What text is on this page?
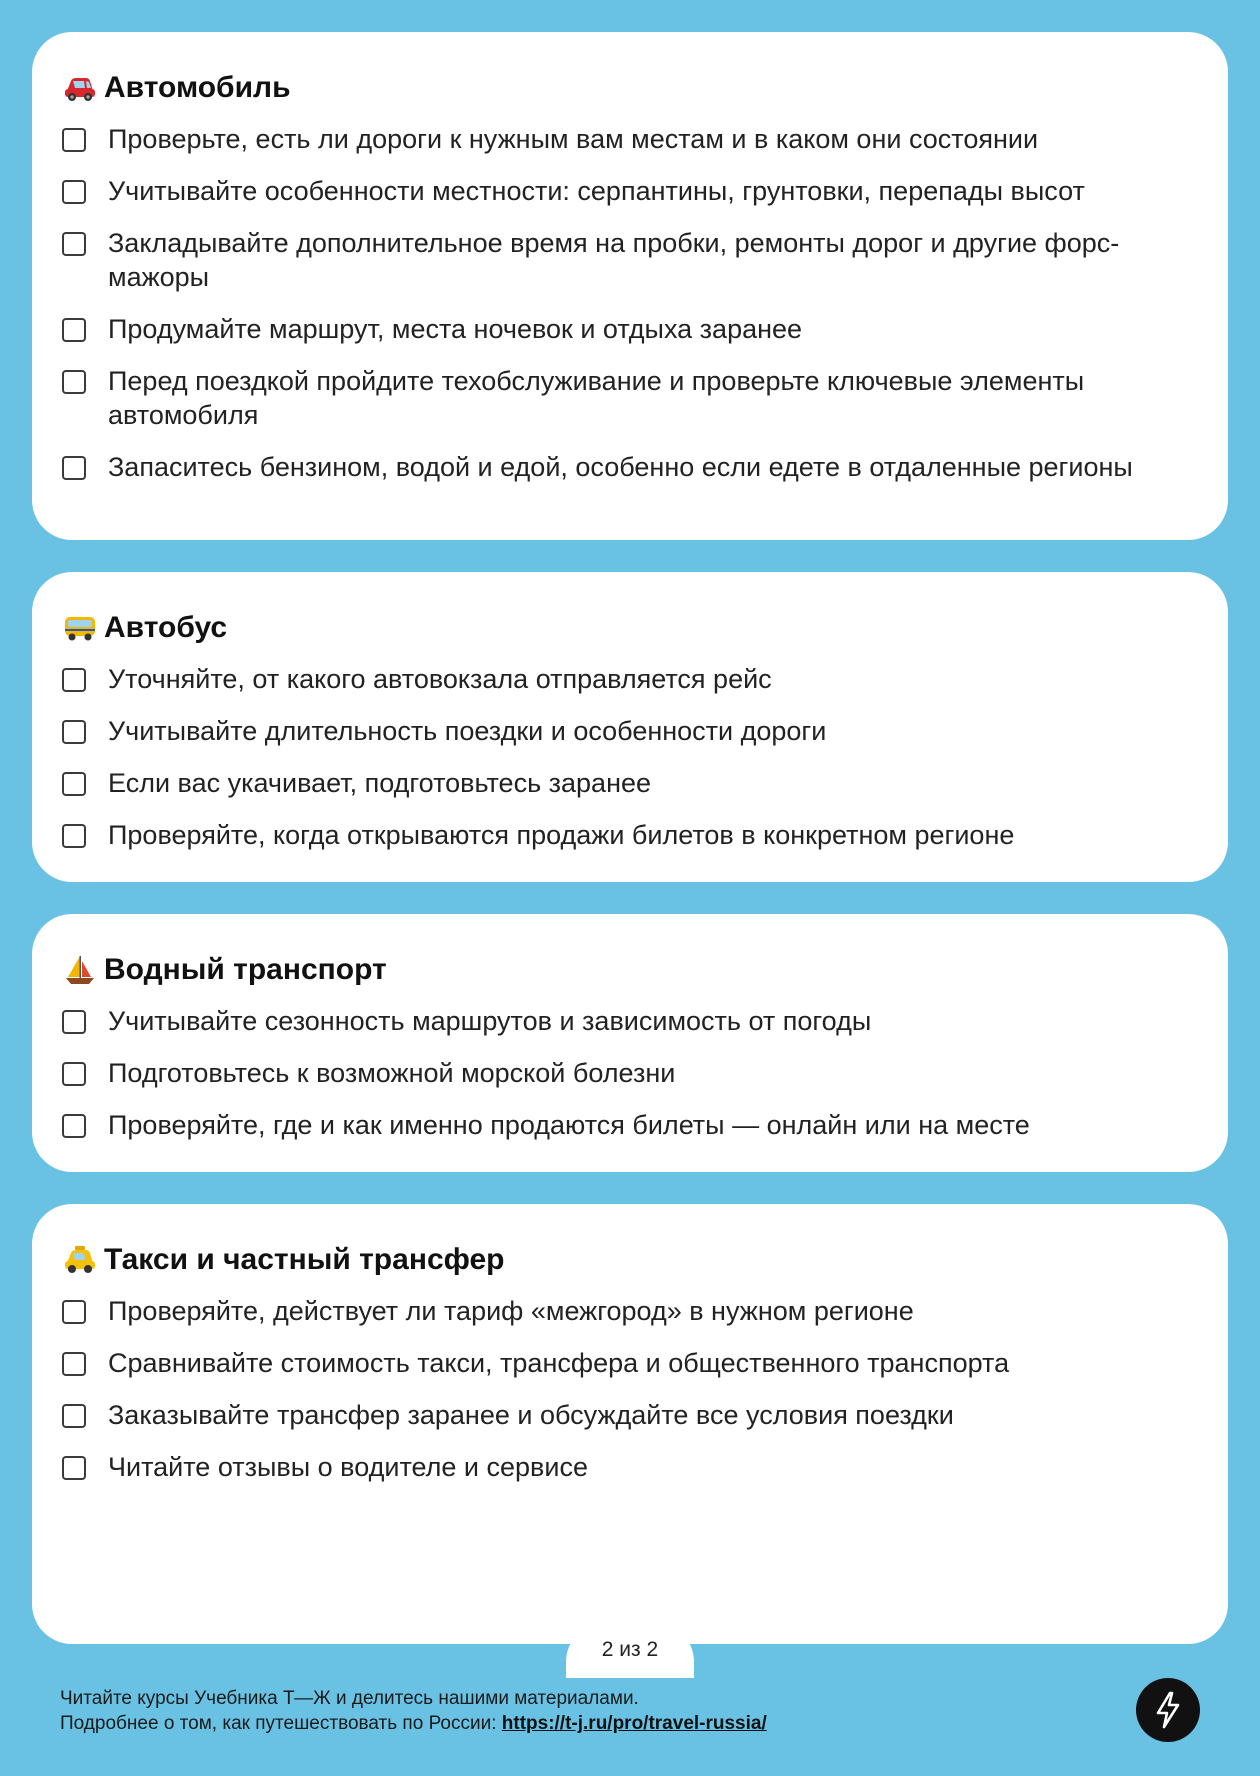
Автомобиль
Проверьте, есть ли дороги к нужным вам местам и в каком они состоянии
Учитывайте особенности местности: серпантины, грунтовки, перепады высот
Закладывайте дополнительное время на пробки, ремонты дорог и другие форс-мажоры
Продумайте маршрут, места ночевок и отдыха заранее
Перед поездкой пройдите техобслуживание и проверьте ключевые элементы автомобиля
Запаситесь бензином, водой и едой, особенно если едете в отдаленные регионы
Автобус
Уточняйте, от какого автовокзала отправляется рейс
Учитывайте длительность поездки и особенности дороги
Если вас укачивает, подготовьтесь заранее
Проверяйте, когда открываются продажи билетов в конкретном регионе
Водный транспорт
Учитывайте сезонность маршрутов и зависимость от погоды
Подготовьтесь к возможной морской болезни
Проверяйте, где и как именно продаются билеты — онлайн или на месте
Такси и частный трансфер
Проверяйте, действует ли тариф «межгород» в нужном регионе
Сравнивайте стоимость такси, трансфера и общественного транспорта
Заказывайте трансфер заранее и обсуждайте все условия поездки
Читайте отзывы о водителе и сервисе
2 из 2
Читайте курсы Учебника Т—Ж и делитесь нашими материалами.
Подробнее о том, как путешествовать по России: https://t-j.ru/pro/travel-russia/
